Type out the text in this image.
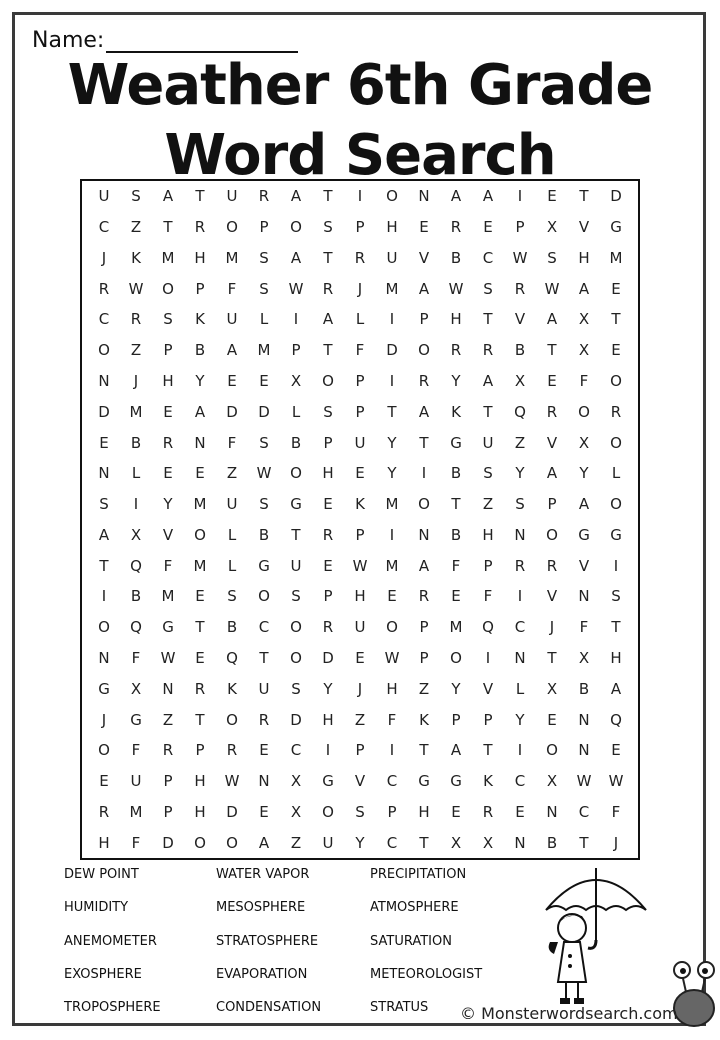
Name:
Weather 6th Grade
Word Search
U	S	A	T	U	R	A	T	I	O	N	A	A	I	E	T	D
C	Z	T	R	O	P	O	S	P	H	E	R	E	P	X	V	G
J	K	M	H	M	S	A	T	R	U	V	B	C	W	S	H	M
R	W	O	P	F	S	W	R	J	M	A	W	S	R	W	A	E
C	R	S	K	U	L	I	A	L	I	P	H	T	V	A	X	T
O	Z	P	B	A	M	P	T	F	D	O	R	R	B	T	X	E
N	J	H	Y	E	E	X	O	P	I	R	Y	A	X	E	F	O
D	M	E	A	D	D	L	S	P	T	A	K	T	Q	R	O	R
E	B	R	N	F	S	B	P	U	Y	T	G	U	Z	V	X	O
N	L	E	E	Z	W	O	H	E	Y	I	B	S	Y	A	Y	L
S	I	Y	M	U	S	G	E	K	M	O	T	Z	S	P	A	O
A	X	V	O	L	B	T	R	P	I	N	B	H	N	O	G	G
T	Q	F	M	L	G	U	E	W	M	A	F	P	R	R	V	I
I	B	M	E	S	O	S	P	H	E	R	E	F	I	V	N	S
O	Q	G	T	B	C	O	R	U	O	P	M	Q	C	J	F	T
N	F	W	E	Q	T	O	D	E	W	P	O	I	N	T	X	H
G	X	N	R	K	U	S	Y	J	H	Z	Y	V	L	X	B	A
J	G	Z	T	O	R	D	H	Z	F	K	P	P	Y	E	N	Q
O	F	R	P	R	E	C	I	P	I	T	A	T	I	O	N	E
E	U	P	H	W	N	X	G	V	C	G	G	K	C	X	W	W
R	M	P	H	D	E	X	O	S	P	H	E	R	E	N	C	F
H	F	D	O	O	A	Z	U	Y	C	T	X	X	N	B	T	J
DEW POINT	WATER VAPOR	PRECIPITATION
HUMIDITY	MESOSPHERE	ATMOSPHERE
ANEMOMETER	STRATOSPHERE	SATURATION
EXOSPHERE	EVAPORATION	METEOROLOGIST
TROPOSPHERE	CONDENSATION	STRATUS	© Monsterwordsearch.com
